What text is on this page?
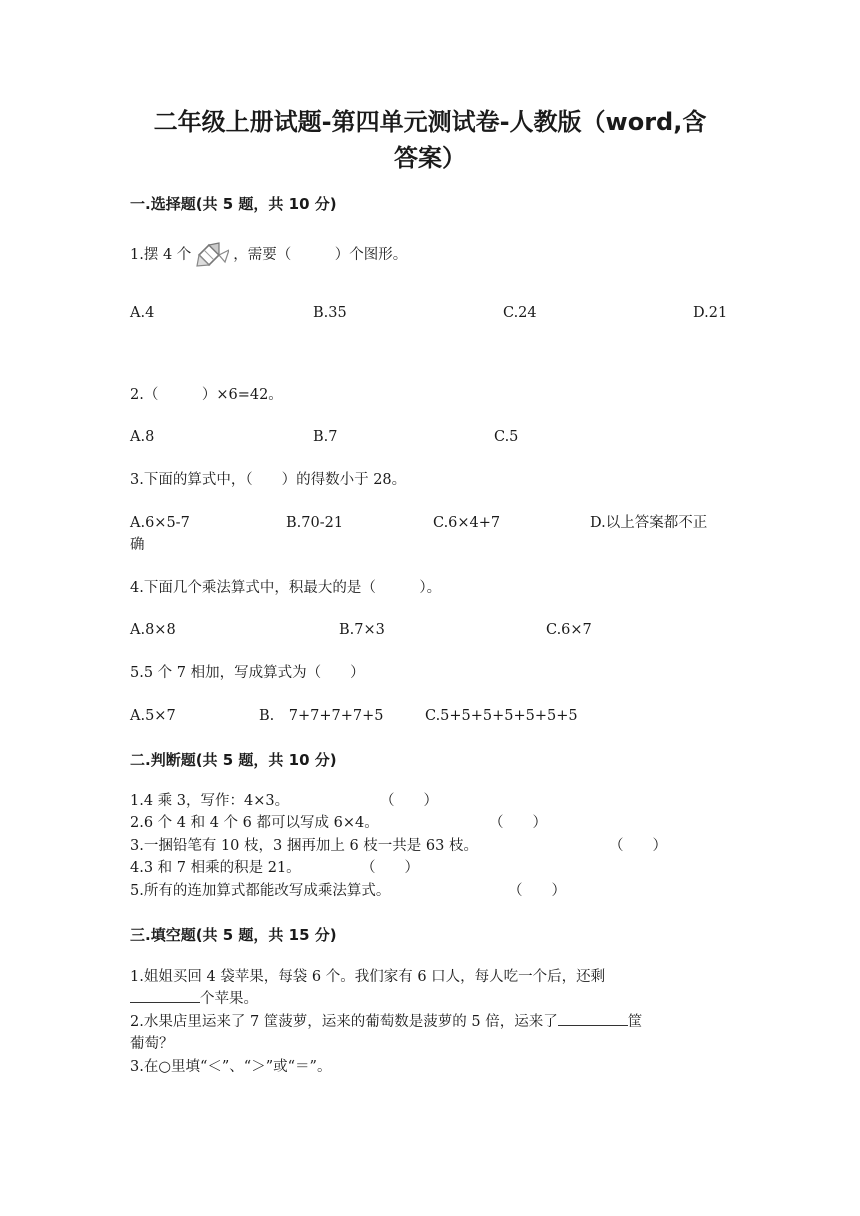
二年级上册试题-第四单元测试卷-人教版（word,含
答案）
一.选择题(共 5 题，共 10 分)
1.摆 4 个	，需要（　　　）个图形。
A.4	B.35	C.24	D.21
2.（　　　）×6=42。
A.8	B.7	C.5
3.下面的算式中，（　　）的得数小于 28。
A.6×5-7	B.70-21	C.6×4+7	D.以上答案都不正
确
4.下面几个乘法算式中，积最大的是（　　　）。
A.8×8	B.7×3	C.6×7
5.5 个 7 相加，写成算式为（　　）
A.5×7	B.　7+7+7+7+5	C.5+5+5+5+5+5+5
二.判断题(共 5 题，共 10 分)
1.4 乘 3，写作：4×3。	（　　）
2.6 个 4 和 4 个 6 都可以写成 6×4。	（　　）
3.一捆铅笔有 10 枝，3 捆再加上 6 枝一共是 63 枝。	（　　）
4.3 和 7 相乘的积是 21。	（　　）
5.所有的连加算式都能改写成乘法算式。	（　　）
三.填空题(共 5 题，共 15 分)
1.姐姐买回 4 袋苹果，每袋 6 个。我们家有 6 口人，每人吃一个后，还剩
个苹果。
2.水果店里运来了 7 筐菠萝，运来的葡萄数是菠萝的 5 倍，运来了	筐
葡萄？
3.在○里填“＜”、“＞”或“＝”。
